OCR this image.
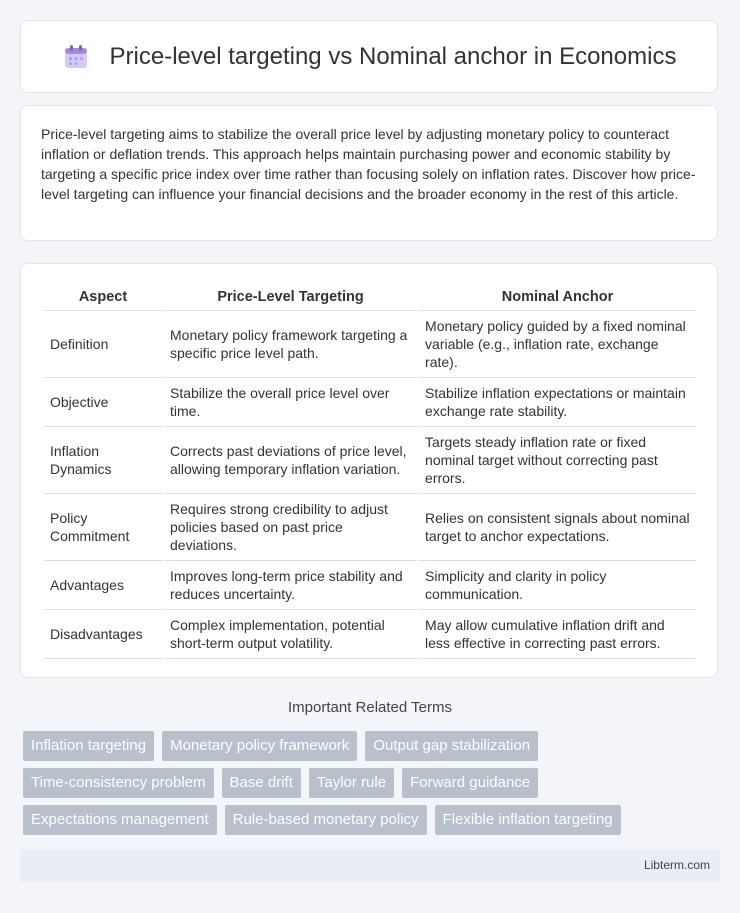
Price-level targeting vs Nominal anchor in Economics

Price-level targeting aims to stabilize the overall price level by adjusting monetary policy to counteract inflation or deflation trends. This approach helps maintain purchasing power and economic stability by targeting a specific price index over time rather than focusing solely on inflation rates. Discover how price-level targeting can influence your financial decisions and the broader economy in the rest of this article.

Aspect	Price-Level Targeting	Nominal Anchor
Definition	Monetary policy framework targeting a specific price level path.	Monetary policy guided by a fixed nominal variable (e.g., inflation rate, exchange rate).
Objective	Stabilize the overall price level over time.	Stabilize inflation expectations or maintain exchange rate stability.
Inflation Dynamics	Corrects past deviations of price level, allowing temporary inflation variation.	Targets steady inflation rate or fixed nominal target without correcting past errors.
Policy Commitment	Requires strong credibility to adjust policies based on past price deviations.	Relies on consistent signals about nominal target to anchor expectations.
Advantages	Improves long-term price stability and reduces uncertainty.	Simplicity and clarity in policy communication.
Disadvantages	Complex implementation, potential short-term output volatility.	May allow cumulative inflation drift and less effective in correcting past errors.
Important Related Terms
Inflation targeting	Monetary policy framework	Output gap stabilization
Time-consistency problem	Base drift	Taylor rule	Forward guidance
Expectations management	Rule-based monetary policy	Flexible inflation targeting
Libterm.com
